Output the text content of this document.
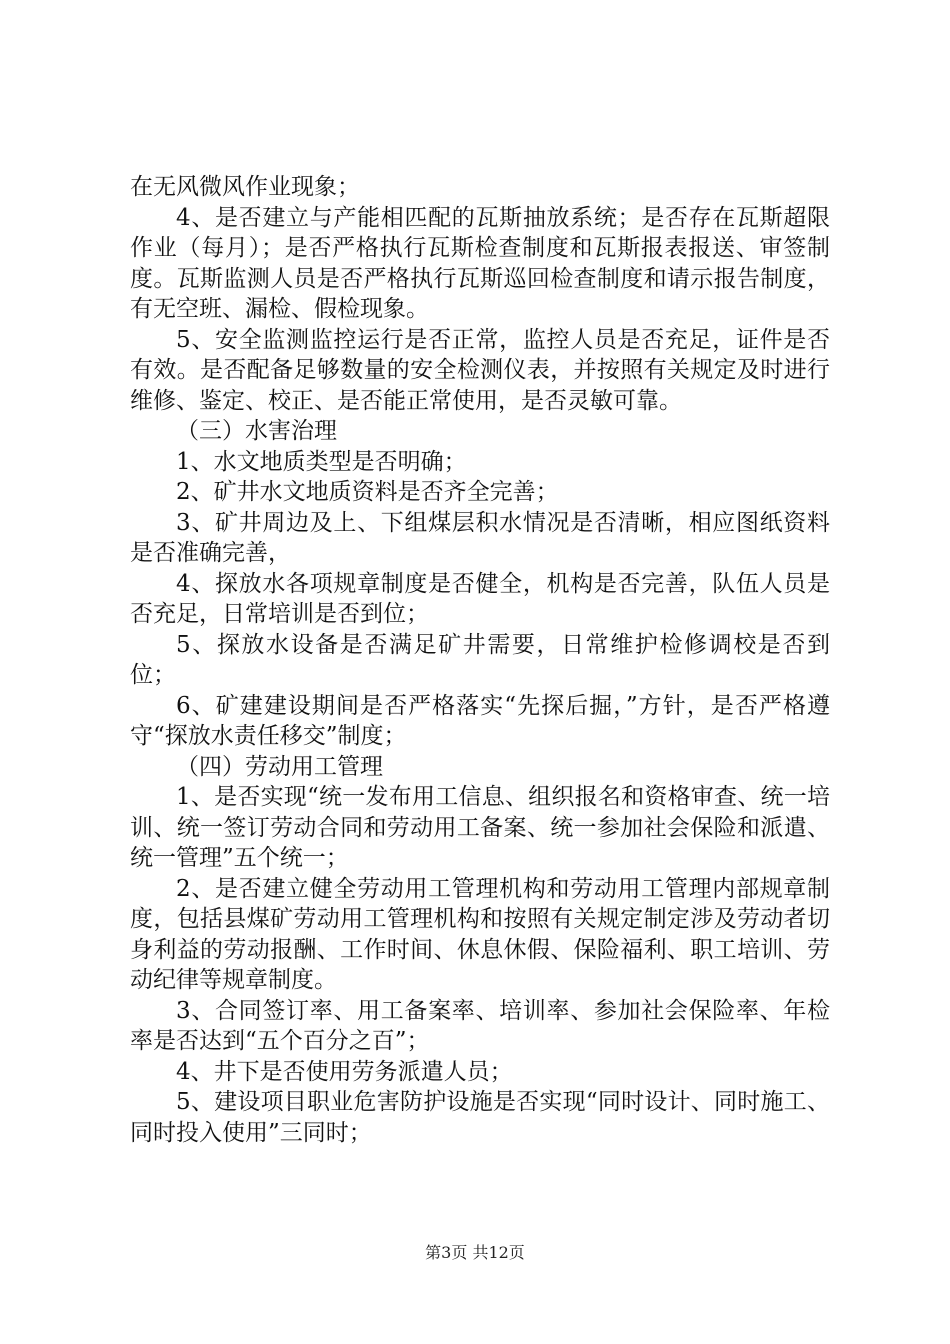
在无风微风作业现象；

4、是否建立与产能相匹配的瓦斯抽放系统；是否存在瓦斯超限作业（每月）；是否严格执行瓦斯检查制度和瓦斯报表报送、审签制度。瓦斯监测人员是否严格执行瓦斯巡回检查制度和请示报告制度，有无空班、漏检、假检现象。

5、安全监测监控运行是否正常，监控人员是否充足，证件是否有效。是否配备足够数量的安全检测仪表，并按照有关规定及时进行维修、鉴定、校正、是否能正常使用，是否灵敏可靠。

（三）水害治理

1、水文地质类型是否明确；

2、矿井水文地质资料是否齐全完善；

3、矿井周边及上、下组煤层积水情况是否清晰，相应图纸资料是否准确完善，

4、探放水各项规章制度是否健全，机构是否完善，队伍人员是否充足，日常培训是否到位；

5、探放水设备是否满足矿井需要，日常维护检修调校是否到位；

6、矿建建设期间是否严格落实“先探后掘，”方针，是否严格遵守“探放水责任移交”制度；

（四）劳动用工管理

1、是否实现“统一发布用工信息、组织报名和资格审查、统一培训、统一签订劳动合同和劳动用工备案、统一参加社会保险和派遣、统一管理”五个统一；

2、是否建立健全劳动用工管理机构和劳动用工管理内部规章制度，包括县煤矿劳动用工管理机构和按照有关规定制定涉及劳动者切身利益的劳动报酬、工作时间、休息休假、保险福利、职工培训、劳动纪律等规章制度。

3、合同签订率、用工备案率、培训率、参加社会保险率、年检率是否达到“五个百分之百”；

4、井下是否使用劳务派遣人员；

5、建设项目职业危害防护设施是否实现“同时设计、同时施工、同时投入使用”三同时；

第3页 共12页
